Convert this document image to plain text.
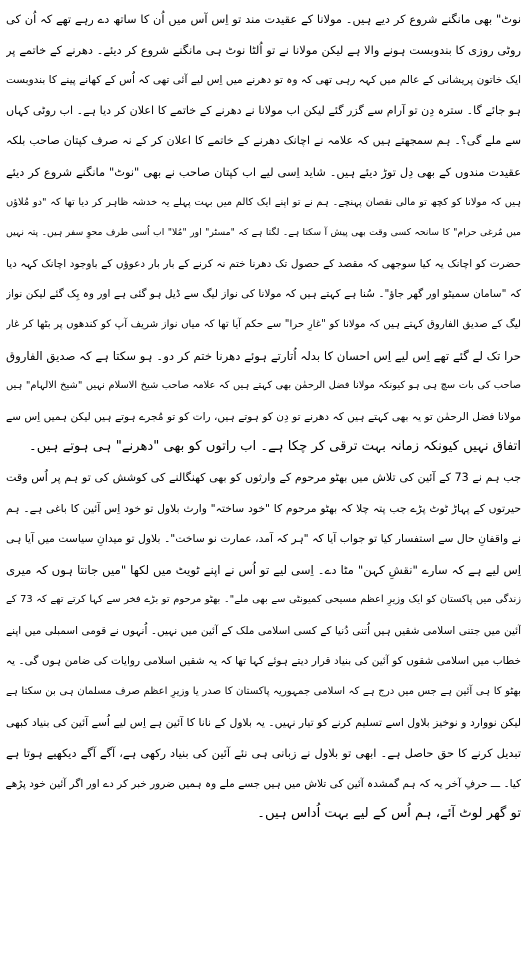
نوٹ" بھی مانگنے شروع کر دیے ہیں۔ مولانا کے عقیدت مند تو اِس آس میں اُن کا ساتھ دے رہے تھے کہ اُن کی
روٹی روزی کا بندوبست ہونے والا ہے لیکن مولانا نے تو اُلٹا نوٹ ہی مانگنے شروع کر دیئے۔ دھرنے کے خاتمے پر
ایک خاتون پریشانی کے عالم میں کہہ رہی تھی کہ وہ تو دھرنے میں اِس لیے آئی تھی کہ اُس کے کھانے پینے کا بندوبست
ہو جائے گا۔ سترہ دِن تو آرام سے گزر گئے لیکن اب مولانا نے دھرنے کے خاتمے کا اعلان کر دیا ہے۔ اب روٹی کہاں
سے ملے گی؟۔ ہم سمجھتے ہیں کہ علامہ نے اچانک دھرنے کے خاتمے کا اعلان کر کے نہ صرف کپتان صاحب بلکہ
عقیدت مندوں کے بھی دِل توڑ دیئے ہیں۔ شاید اِسی لیے اب کپتان صاحب نے بھی "نوٹ" مانگنے شروع کر دیئے
ہیں کہ مولانا کو کچھ تو مالی نقصان پہنچے۔ ہم نے تو اپنے ایک کالم میں بہت پہلے یہ خدشہ ظاہر کر دیا تھا کہ "دو مُلاؤں
میں مُرغی حرام" کا سانحہ کسی وقت بھی پیش آ سکتا ہے۔ لگتا ہے کہ "مسٹر" اور "مُلا" اب اُسی طرف محوِ سفر ہیں۔ پتہ نہیں
حضرت کو اچانک یہ کیا سوجھی کہ مقصد کے حصول تک دھرنا ختم نہ کرنے کے بار بار دعوؤں کے باوجود اچانک کہہ دیا
کہ "سامان سمیٹو اور گھر جاؤ"۔ سُنا ہے کہتے ہیں کہ مولانا کی نواز لیگ سے ڈیل ہو گئی ہے اور وہ بِک گئے لیکن نواز
لیگ کے صدیق الفاروق کہتے ہیں کہ مولانا کو "غارِ حرا" سے حکم آیا تھا کہ میاں نواز شریف آپ کو کندھوں پر بٹھا کر غار
حرا تک لے گئے تھے اِس لیے اِس احسان کا بدلہ اُتارتے ہوئے دھرنا ختم کر دو۔ ہو سکتا ہے کہ صدیق الفاروق
صاحب کی بات سچ ہی ہو کیونکہ مولانا فضل الرحمٰن بھی کہتے ہیں کہ علامہ صاحب شیخ الاسلام نہیں "شیخ الالہام" ہیں
مولانا فضل الرحمٰن تو یہ بھی کہتے ہیں کہ دھرنے تو دِن کو ہوتے ہیں، رات کو تو مُجرے ہوتے ہیں لیکن ہمیں اِس سے
اتفاق نہیں کیونکہ زمانہ بہت ترقی کر چکا ہے۔ اب راتوں کو بھی "دھرنے" ہی ہوتے ہیں۔
جب ہم نے 73 کے آئین کی تلاش میں بھٹو مرحوم کے وارثوں کو بھی کھنگالنے کی کوشش کی تو ہم پر اُس وقت
حیرتوں کے پہاڑ ٹوٹ پڑے جب پتہ چلا کہ بھٹو مرحوم کا "خود ساختہ" وارث بلاول تو خود اِس آئین کا باغی ہے۔ ہم
نے واقفانِ حال سے استفسار کیا تو جواب آیا کہ "ہر کہ آمد، عمارت نو ساخت"۔ بلاول تو میدانِ سیاست میں آیا ہی
اِس لیے ہے کہ سارے "نقشِ کہن" مٹا دے۔ اِسی لیے تو اُس نے اپنے ٹویٹ میں لکھا "میں جانتا ہوں کہ میری
زندگی میں پاکستان کو ایک وزیرِ اعظم مسیحی کمیونٹی سے بھی ملے"۔ بھٹو مرحوم تو بڑے فخر سے کہا کرتے تھے کہ 73 کے
آئین میں جتنی اسلامی شقیں ہیں اُتنی دُنیا کے کسی اسلامی ملک کے آئین میں نہیں۔ اُنہوں نے قومی اسمبلی میں اپنے
خطاب میں اسلامی شقوں کو آئین کی بنیاد قرار دیتے ہوئے کہا تھا کہ یہ شقیں اسلامی روایات کی ضامن ہوں گی۔ یہ
بھٹو کا ہی آئین ہے جس میں درج ہے کہ اسلامی جمہوریہ پاکستان کا صدر یا وزیرِ اعظم صرف مسلمان ہی بن سکتا ہے
لیکن نووارد و نوخیز بلاول اسے تسلیم کرنے کو تیار نہیں۔ یہ بلاول کے نانا کا آئین ہے اِس لیے اُسے آئین کی بنیاد کبھی
تبدیل کرنے کا حق حاصل ہے۔ ابھی تو بلاول نے زبانی ہی نئے آئین کی بنیاد رکھی ہے، آگے آگے دیکھیے ہوتا ہے
کیا۔ ـــ حرفِ آخر یہ کہ ہم گمشدہ آئین کی تلاش میں ہیں جسے ملے وہ ہمیں ضرور خبر کر دے اور اگر آئین خود پڑھے
تو گھر لوٹ آئے، ہم اُس کے لیے بہت اُداس ہیں۔
